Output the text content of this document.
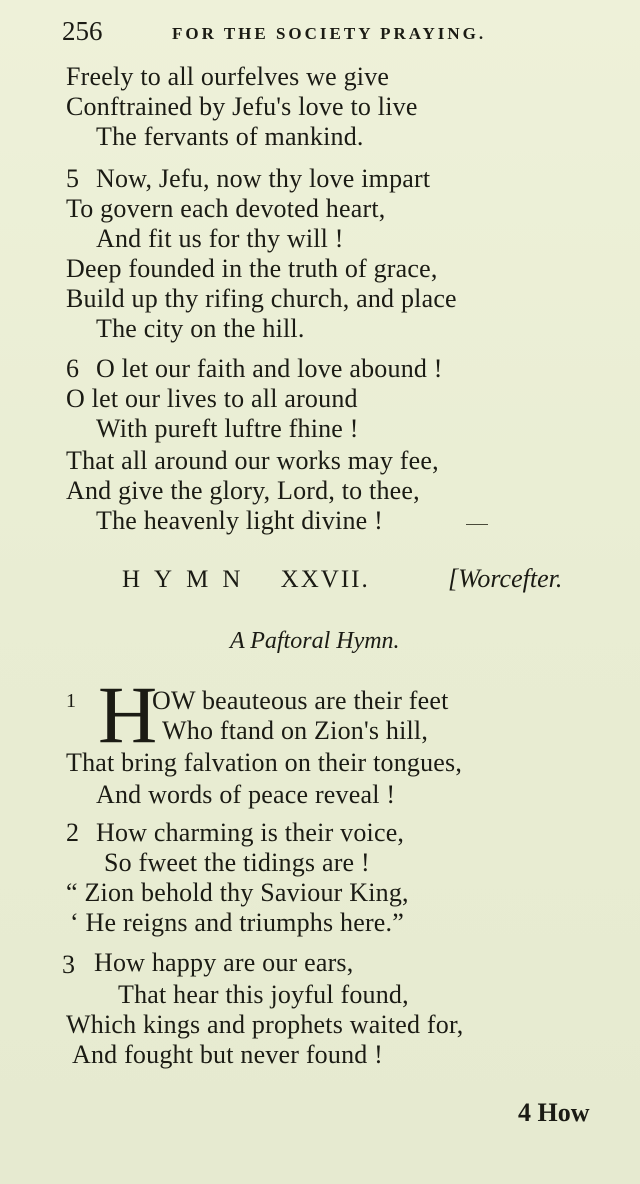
256	FOR THE SOCIETY PRAYING.
Freely to all ourfelves we give
Conftrained by Jefu's love to live
The fervants of mankind.
5 Now, Jefu, now thy love impart
To govern each devoted heart,
And fit us for thy will !
Deep founded in the truth of grace,
Build up thy rifing church, and place
The city on the hill.
6 O let our faith and love abound !
O let our lives to all around
With pureft luftre fhine !
That all around our works may fee,
And give the glory, Lord, to thee,
The heavenly light divine !
HYMN XXVII.	[Worcefter.
A Paftoral Hymn.
1 H
OW beauteous are their feet
Who ftand on Zion's hill,
That bring falvation on their tongues,
And words of peace reveal !
2 How charming is their voice,
So fweet the tidings are !
“ Zion behold thy Saviour King,
‘ He reigns and triumphs here.”
3 How happy are our ears,
That hear this joyful found,
Which kings and prophets waited for,
And fought but never found !
4 How
